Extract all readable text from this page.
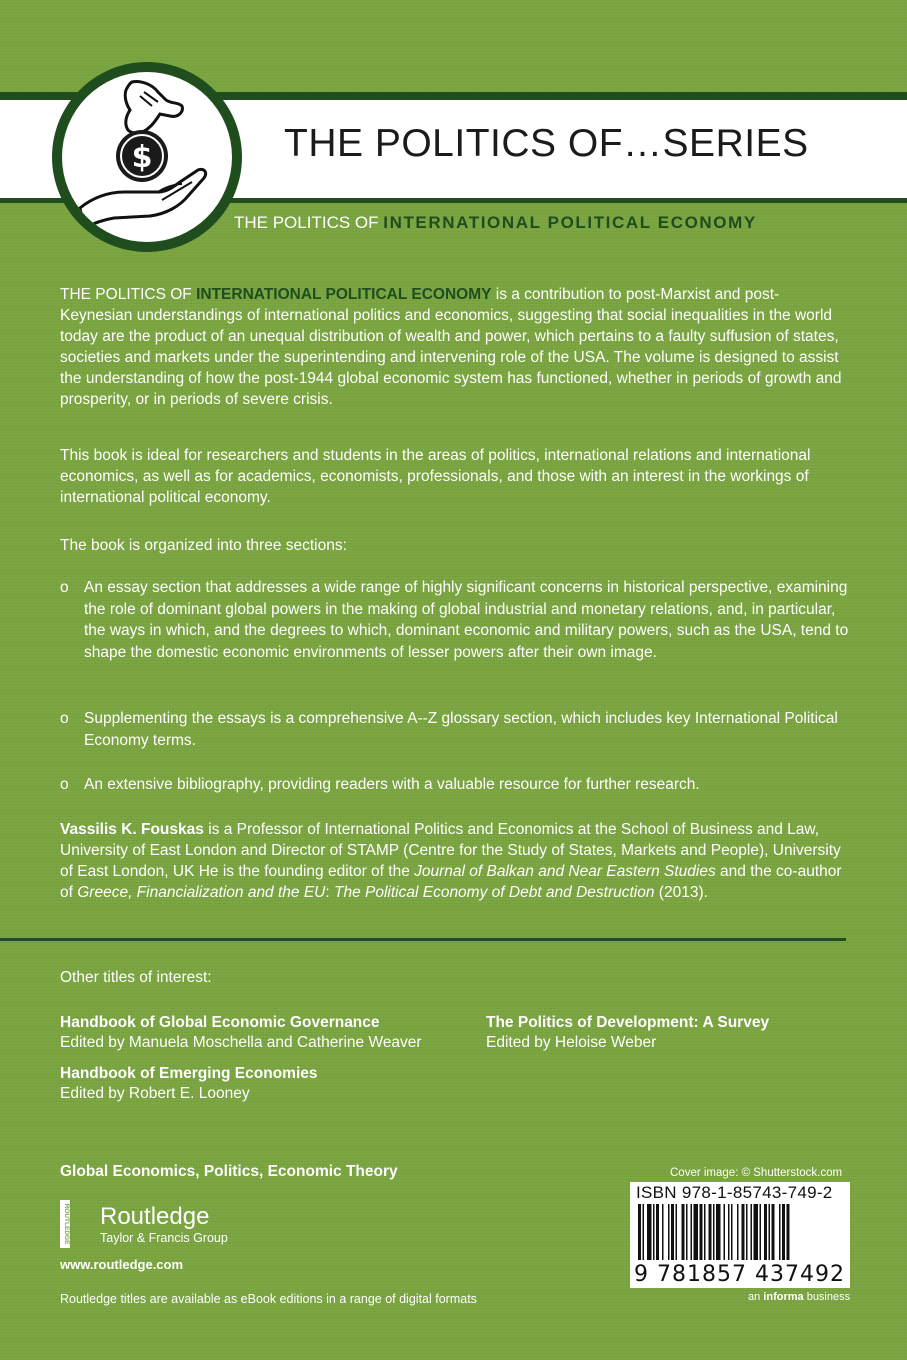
$	THE POLITICS OF…SERIES
THE POLITICS OF INTERNATIONAL POLITICAL ECONOMY
THE POLITICS OF INTERNATIONAL POLITICAL ECONOMY is a contribution to post-Marxist and post-Keynesian understandings of international politics and economics, suggesting that social inequalities in the world today are the product of an unequal distribution of wealth and power, which pertains to a faulty suffusion of states, societies and markets under the superintending and intervening role of the USA. The volume is designed to assist the understanding of how the post-1944 global economic system has functioned, whether in periods of growth and prosperity, or in periods of severe crisis.
This book is ideal for researchers and students in the areas of politics, international relations and international economics, as well as for academics, economists, professionals, and those with an interest in the workings of international political economy.
The book is organized into three sections:
o An essay section that addresses a wide range of highly significant concerns in historical perspective, examining the role of dominant global powers in the making of global industrial and monetary relations, and, in particular, the ways in which, and the degrees to which, dominant economic and military powers, such as the USA, tend to shape the domestic economic environments of lesser powers after their own image.
o Supplementing the essays is a comprehensive A--Z glossary section, which includes key International Political Economy terms.
o An extensive bibliography, providing readers with a valuable resource for further research.
Vassilis K. Fouskas is a Professor of International Politics and Economics at the School of Business and Law, University of East London and Director of STAMP (Centre for the Study of States, Markets and People), University of East London, UK He is the founding editor of the Journal of Balkan and Near Eastern Studies and the co-author of Greece, Financialization and the EU: The Political Economy of Debt and Destruction (2013).
Other titles of interest:
Handbook of Global Economic Governance
Edited by Manuela Moschella and Catherine Weaver
The Politics of Development: A Survey
Edited by Heloise Weber
Handbook of Emerging Economies
Edited by Robert E. Looney
Global Economics, Politics, Economic Theory
ROUTLEDGE Routledge
Taylor & Francis Group
www.routledge.com
Routledge titles are available as eBook editions in a range of digital formats
Cover image: © Shutterstock.com
ISBN 978-1-85743-749-2
9 781857 437492
an informa business
